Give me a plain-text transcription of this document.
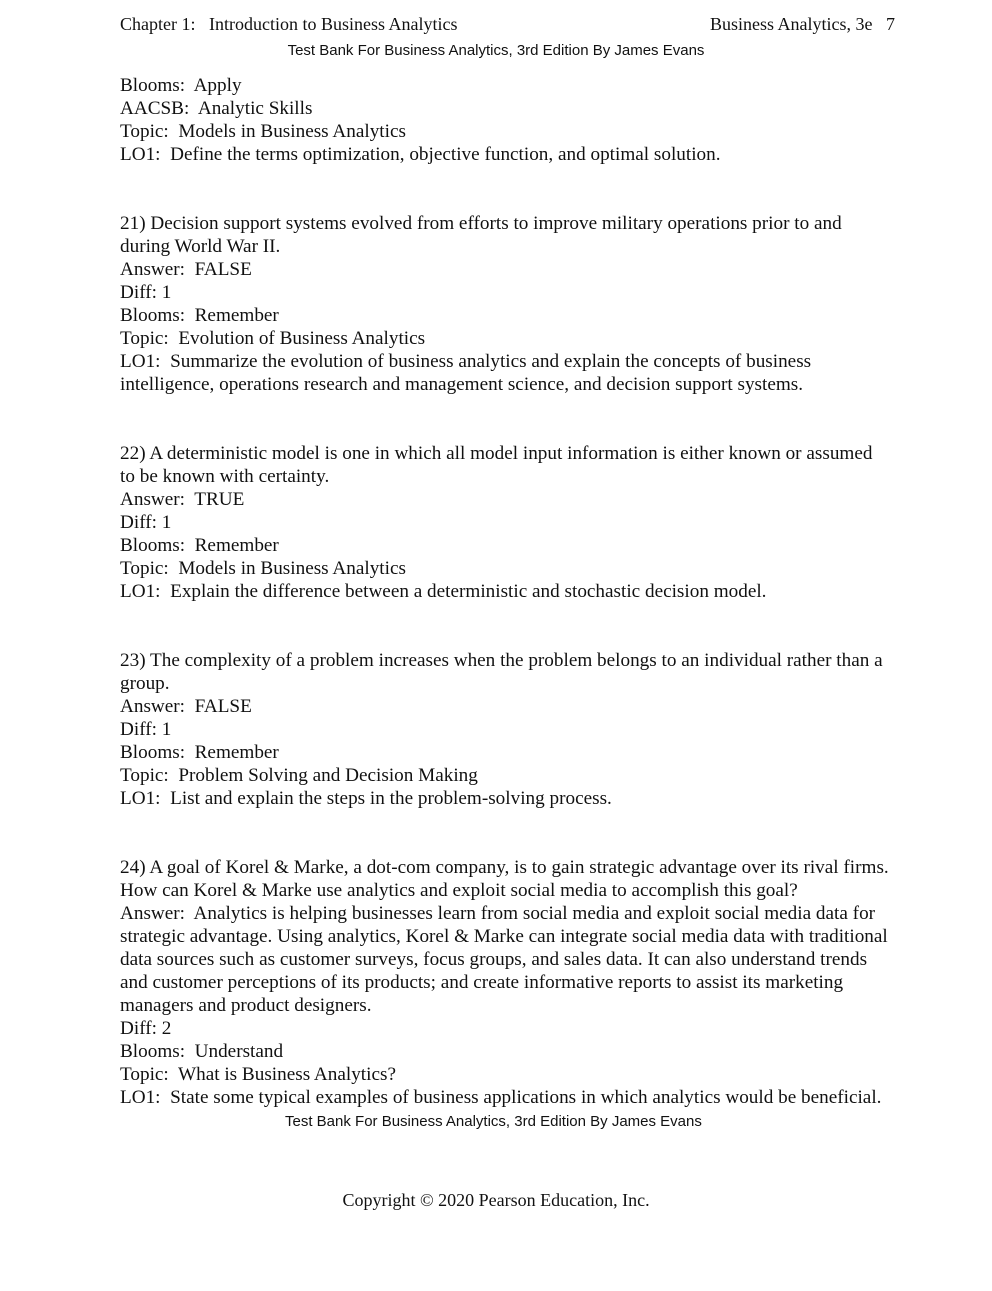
Chapter 1:   Introduction to Business Analytics	Business Analytics, 3e   7
Test Bank For Business Analytics, 3rd Edition By James Evans
Blooms:  Apply
AACSB:  Analytic Skills
Topic:  Models in Business Analytics
LO1:  Define the terms optimization, objective function, and optimal solution.
21) Decision support systems evolved from efforts to improve military operations prior to and during World War II.
Answer:  FALSE
Diff: 1
Blooms:  Remember
Topic:  Evolution of Business Analytics
LO1:  Summarize the evolution of business analytics and explain the concepts of business intelligence, operations research and management science, and decision support systems.
22) A deterministic model is one in which all model input information is either known or assumed to be known with certainty.
Answer:  TRUE
Diff: 1
Blooms:  Remember
Topic:  Models in Business Analytics
LO1:  Explain the difference between a deterministic and stochastic decision model.
23) The complexity of a problem increases when the problem belongs to an individual rather than a group.
Answer:  FALSE
Diff: 1
Blooms:  Remember
Topic:  Problem Solving and Decision Making
LO1:  List and explain the steps in the problem-solving process.
24) A goal of Korel & Marke, a dot-com company, is to gain strategic advantage over its rival firms. How can Korel & Marke use analytics and exploit social media to accomplish this goal?
Answer:  Analytics is helping businesses learn from social media and exploit social media data for strategic advantage. Using analytics, Korel & Marke can integrate social media data with traditional data sources such as customer surveys, focus groups, and sales data. It can also understand trends and customer perceptions of its products; and create informative reports to assist its marketing managers and product designers.
Diff: 2
Blooms:  Understand
Topic:  What is Business Analytics?
LO1:  State some typical examples of business applications in which analytics would be beneficial.
Test Bank For Business Analytics, 3rd Edition By James Evans
Copyright © 2020 Pearson Education, Inc.
